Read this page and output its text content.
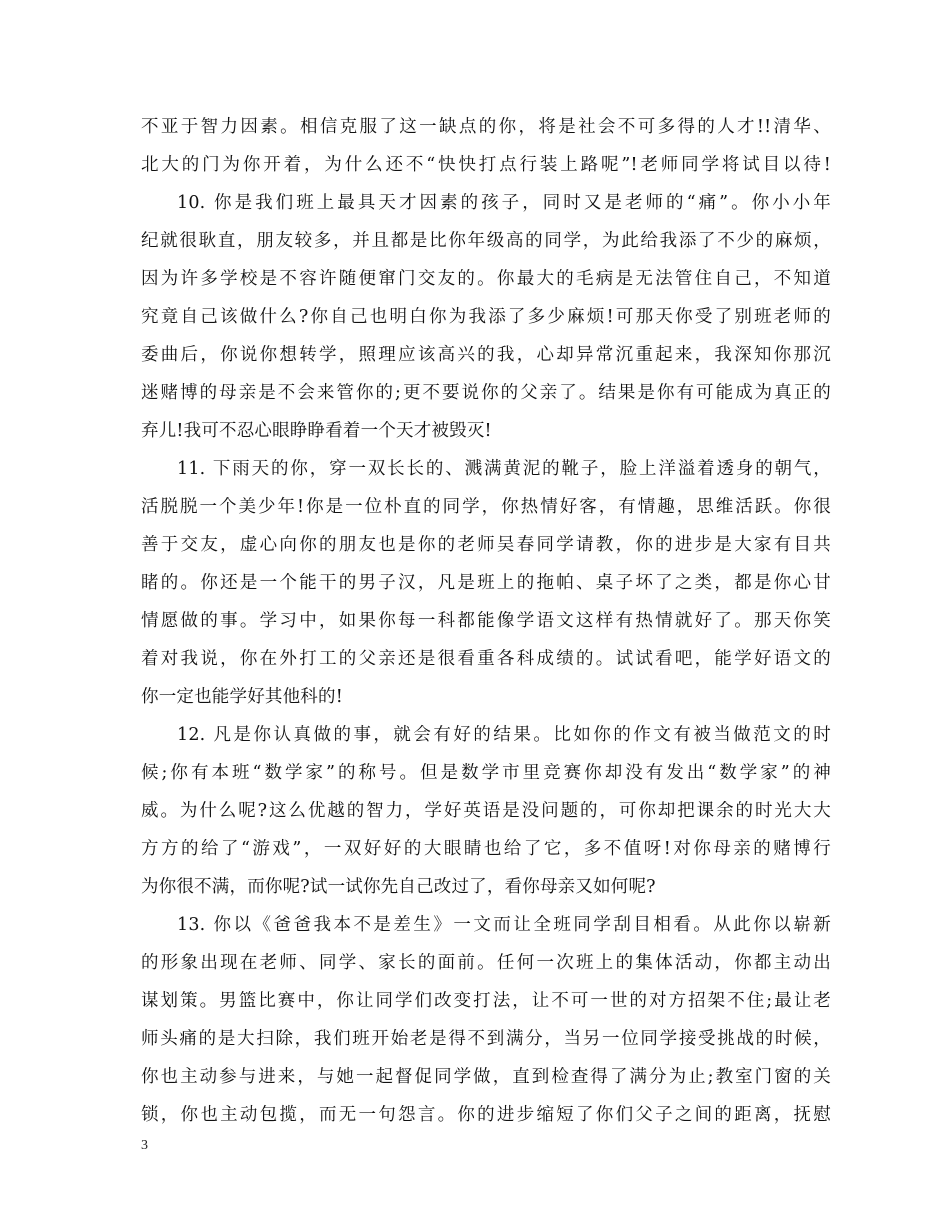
不亚于智力因素。相信克服了这一缺点的你，将是社会不可多得的人才!!清华、
北大的门为你开着，为什么还不“快快打点行装上路呢”!老师同学将试目以待!
10. 你是我们班上最具天才因素的孩子，同时又是老师的“痛”。你小小年
纪就很耿直，朋友较多，并且都是比你年级高的同学，为此给我添了不少的麻烦，
因为许多学校是不容许随便窜门交友的。你最大的毛病是无法管住自己，不知道
究竟自己该做什么?你自己也明白你为我添了多少麻烦!可那天你受了别班老师的
委曲后，你说你想转学，照理应该高兴的我，心却异常沉重起来，我深知你那沉
迷赌博的母亲是不会来管你的;更不要说你的父亲了。结果是你有可能成为真正的
弃儿!我可不忍心眼睁睁看着一个天才被毁灭!
11. 下雨天的你，穿一双长长的、溅满黄泥的靴子，脸上洋溢着透身的朝气，
活脱脱一个美少年!你是一位朴直的同学，你热情好客，有情趣，思维活跃。你很
善于交友，虚心向你的朋友也是你的老师吴春同学请教，你的进步是大家有目共
睹的。你还是一个能干的男子汉，凡是班上的拖帕、桌子坏了之类，都是你心甘
情愿做的事。学习中，如果你每一科都能像学语文这样有热情就好了。那天你笑
着对我说，你在外打工的父亲还是很看重各科成绩的。试试看吧，能学好语文的
你一定也能学好其他科的!
12. 凡是你认真做的事，就会有好的结果。比如你的作文有被当做范文的时
候;你有本班“数学家”的称号。但是数学市里竞赛你却没有发出“数学家”的神
威。为什么呢?这么优越的智力，学好英语是没问题的，可你却把课余的时光大大
方方的给了“游戏”，一双好好的大眼睛也给了它，多不值呀!对你母亲的赌博行
为你很不满，而你呢?试一试你先自己改过了，看你母亲又如何呢?
13. 你以《爸爸我本不是差生》一文而让全班同学刮目相看。从此你以崭新
的形象出现在老师、同学、家长的面前。任何一次班上的集体活动，你都主动出
谋划策。男篮比赛中，你让同学们改变打法，让不可一世的对方招架不住;最让老
师头痛的是大扫除，我们班开始老是得不到满分，当另一位同学接受挑战的时候，
你也主动参与进来，与她一起督促同学做，直到检查得了满分为止;教室门窗的关
锁，你也主动包揽，而无一句怨言。你的进步缩短了你们父子之间的距离，抚慰
3
